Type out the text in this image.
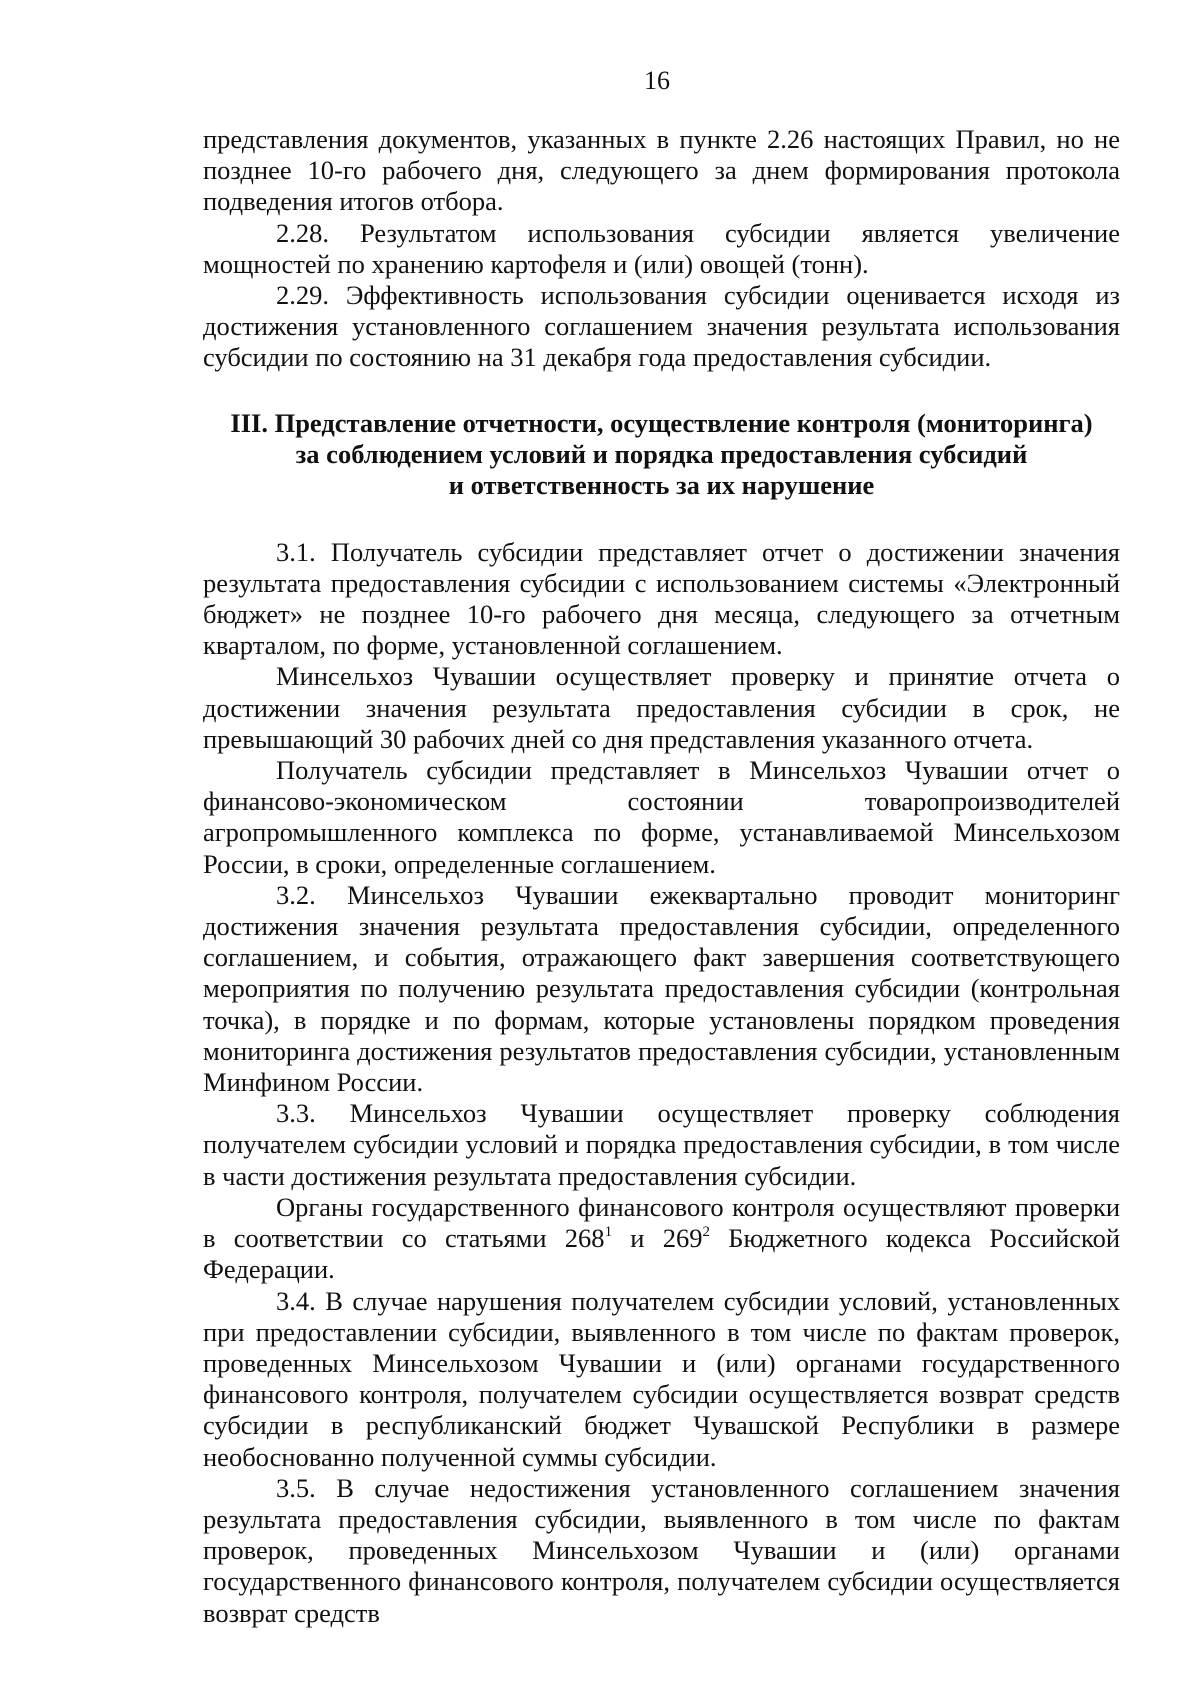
16

представления документов, указанных в пункте 2.26 настоящих Правил, но не позднее 10-го рабочего дня, следующего за днем формирования протокола подведения итогов отбора.

2.28. Результатом использования субсидии является увеличение мощностей по хранению картофеля и (или) овощей (тонн).

2.29. Эффективность использования субсидии оценивается исходя из достижения установленного соглашением значения результата использования субсидии по состоянию на 31 декабря года предоставления субсидии.

III. Представление отчетности, осуществление контроля (мониторинга)
за соблюдением условий и порядка предоставления субсидий
и ответственность за их нарушение

3.1. Получатель субсидии представляет отчет о достижении значения результата предоставления субсидии с использованием системы «Электронный бюджет» не позднее 10-го рабочего дня месяца, следующего за отчетным кварталом, по форме, установленной соглашением.

Минсельхоз Чувашии осуществляет проверку и принятие отчета о достижении значения результата предоставления субсидии в срок, не превышающий 30 рабочих дней со дня представления указанного отчета.

Получатель субсидии представляет в Минсельхоз Чувашии отчет о финансово-экономическом состоянии товаропроизводителей агропромышленного комплекса по форме, устанавливаемой Минсельхозом России, в сроки, определенные соглашением.

3.2. Минсельхоз Чувашии ежеквартально проводит мониторинг достижения значения результата предоставления субсидии, определенного соглашением, и события, отражающего факт завершения соответствующего мероприятия по получению результата предоставления субсидии (контрольная точка), в порядке и по формам, которые установлены порядком проведения мониторинга достижения результатов предоставления субсидии, установленным Минфином России.

3.3. Минсельхоз Чувашии осуществляет проверку соблюдения получателем субсидии условий и порядка предоставления субсидии, в том числе в части достижения результата предоставления субсидии.

Органы государственного финансового контроля осуществляют проверки в соответствии со статьями $268^1$ и $269^2$ Бюджетного кодекса Российской Федерации.

3.4. В случае нарушения получателем субсидии условий, установленных при предоставлении субсидии, выявленного в том числе по фактам проверок, проведенных Минсельхозом Чувашии и (или) органами государственного финансового контроля, получателем субсидии осуществляется возврат средств субсидии в республиканский бюджет Чувашской Республики в размере необоснованно полученной суммы субсидии.

3.5. В случае недостижения установленного соглашением значения результата предоставления субсидии, выявленного в том числе по фактам проверок, проведенных Минсельхозом Чувашии и (или) органами государственного финансового контроля, получателем субсидии осуществляется возврат средств
